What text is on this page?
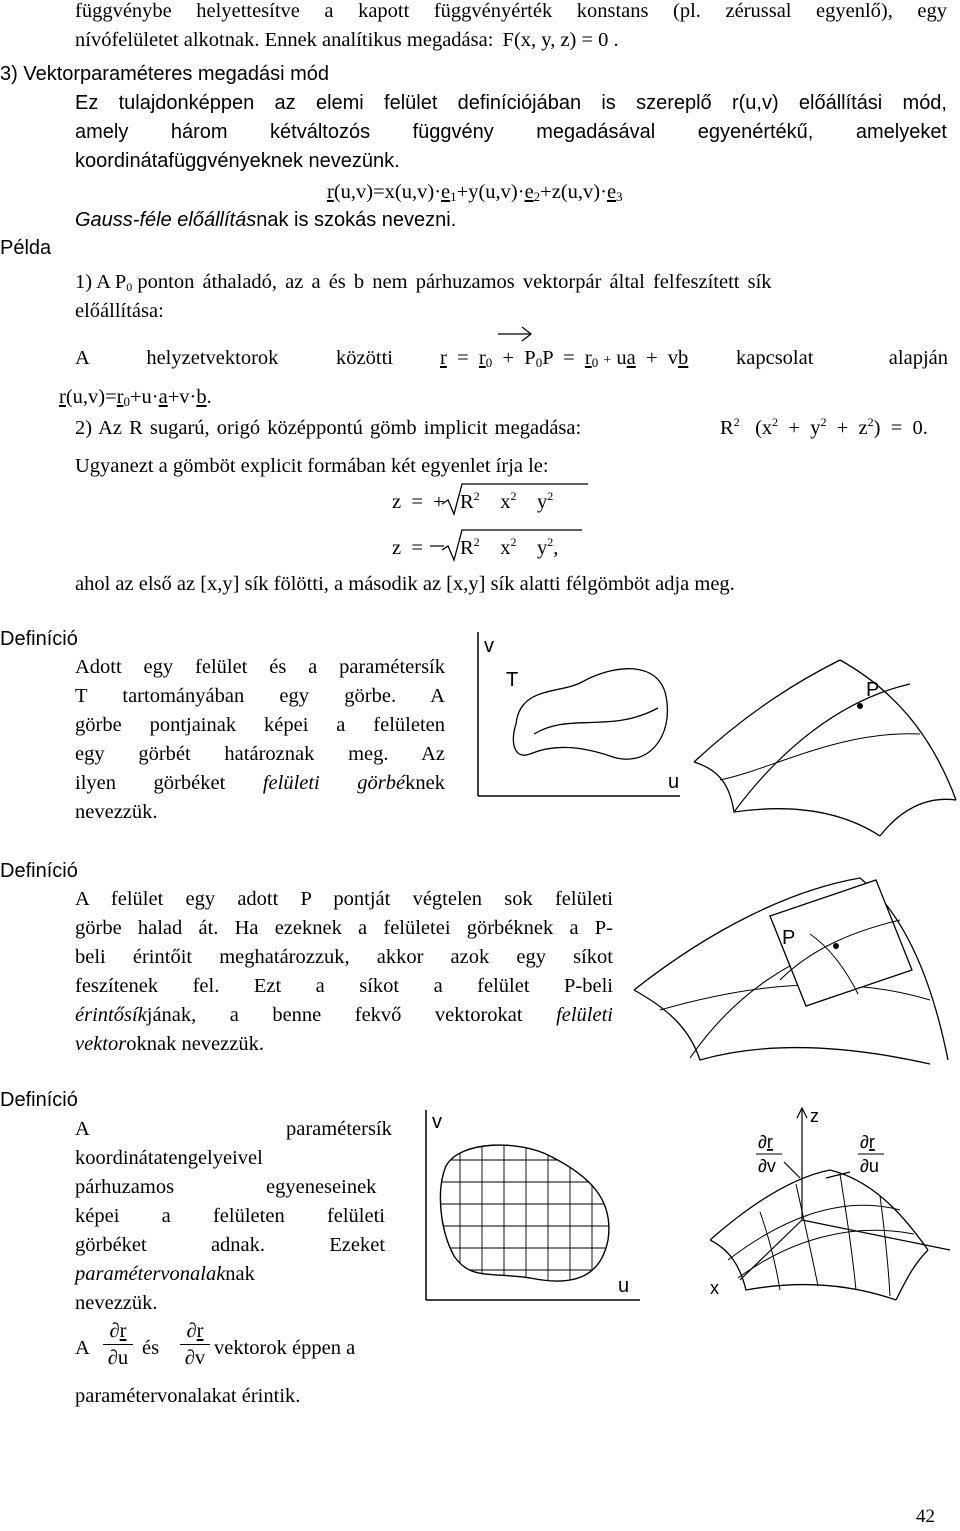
függvénybe helyettesítve a kapott függvényérték konstans (pl. zérussal egyenlő), egy
nívófelületet alkotnak. Ennek analítikus megadása: F(x, y, z) = 0 .
3) Vektorparaméteres megadási mód
Ez tulajdonképpen az elemi felület definíciójában is szereplő r(u,v) előállítási mód,
amely három kétváltozós függvény megadásával egyenértékű, amelyeket
koordinátafüggvényeknek nevezünk.
$r(u,v)=x(u,v)\cdot e_1+y(u,v)\cdot e_2+z(u,v)\cdot e_3$
Gauss-féle előállításnak is szokás nevezni.
Példa
1) A $P_0$ ponton áthaladó, az a és b nem párhuzamos vektorpár által felfeszített sík
előállítása:
A helyzetvektorok közötti $r = r_0 + P_0P = r_0$ + ua  +  vb kapcsolat alapján
$r(u,v)=r_0+u\cdot a+v\cdot b$.
2) Az R sugarú, origó középpontú gömb implicit megadása:	$R^2$   $(x^2 + y^2 + z^2) = 0$.
Ugyanezt a gömböt explicit formában két egyenlet írja le:
z  =  + $R^2$    $x^2$    $y^2$
$z = R^2$    $x^2$    $y^2$,
ahol az első az [x,y] sík fölötti, a második az [x,y] sík alatti félgömböt adja meg.
Definíció
Adott egy felület és a paramétersík
T tartományában egy görbe. A
görbe pontjainak képei a felületen
egy görbét határoznak meg. Az
ilyen görbéket felületi görbéknek
nevezzük.
v
T
u
P
Definíció
A felület egy adott P pontját végtelen sok felületi
görbe halad át. Ha ezeknek a felületei görbéknek a P-
beli érintőit meghatározzuk, akkor azok egy síkot
feszítenek fel. Ezt a síkot a felület P-beli
érintősíkjának, a benne fekvő vektorokat felületi
vektoroknak nevezzük.
P
Definíció
A	paramétersík
koordinátatengelyeivel
párhuzamos	egyeneseinek
képei a felületen felületi
görbéket	adnak.	Ezeket
paramétervonalaknak
nevezzük.
A $\frac{\partial r}{\partial u}$ és $\frac{\partial r}{\partial v}$ vektorok éppen a
paramétervonalakat érintik.
v
u
z
x
∂r
∂v
∂r
∂u
42
